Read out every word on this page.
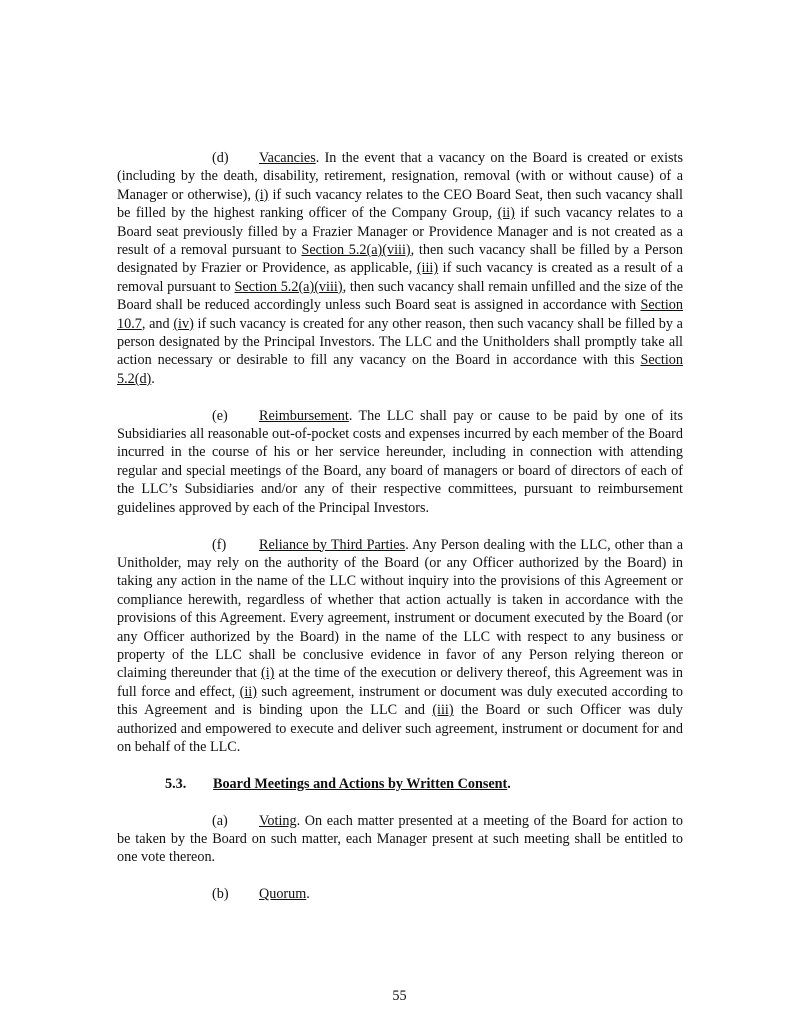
(d) Vacancies. In the event that a vacancy on the Board is created or exists (including by the death, disability, retirement, resignation, removal (with or without cause) of a Manager or otherwise), (i) if such vacancy relates to the CEO Board Seat, then such vacancy shall be filled by the highest ranking officer of the Company Group, (ii) if such vacancy relates to a Board seat previously filled by a Frazier Manager or Providence Manager and is not created as a result of a removal pursuant to Section 5.2(a)(viii), then such vacancy shall be filled by a Person designated by Frazier or Providence, as applicable, (iii) if such vacancy is created as a result of a removal pursuant to Section 5.2(a)(viii), then such vacancy shall remain unfilled and the size of the Board shall be reduced accordingly unless such Board seat is assigned in accordance with Section 10.7, and (iv) if such vacancy is created for any other reason, then such vacancy shall be filled by a person designated by the Principal Investors. The LLC and the Unitholders shall promptly take all action necessary or desirable to fill any vacancy on the Board in accordance with this Section 5.2(d).

(e) Reimbursement. The LLC shall pay or cause to be paid by one of its Subsidiaries all reasonable out-of-pocket costs and expenses incurred by each member of the Board incurred in the course of his or her service hereunder, including in connection with attending regular and special meetings of the Board, any board of managers or board of directors of each of the LLC’s Subsidiaries and/or any of their respective committees, pursuant to reimbursement guidelines approved by each of the Principal Investors.

(f) Reliance by Third Parties. Any Person dealing with the LLC, other than a Unitholder, may rely on the authority of the Board (or any Officer authorized by the Board) in taking any action in the name of the LLC without inquiry into the provisions of this Agreement or compliance herewith, regardless of whether that action actually is taken in accordance with the provisions of this Agreement. Every agreement, instrument or document executed by the Board (or any Officer authorized by the Board) in the name of the LLC with respect to any business or property of the LLC shall be conclusive evidence in favor of any Person relying thereon or claiming thereunder that (i) at the time of the execution or delivery thereof, this Agreement was in full force and effect, (ii) such agreement, instrument or document was duly executed according to this Agreement and is binding upon the LLC and (iii) the Board or such Officer was duly authorized and empowered to execute and deliver such agreement, instrument or document for and on behalf of the LLC.

5.3. Board Meetings and Actions by Written Consent.

(a) Voting. On each matter presented at a meeting of the Board for action to be taken by the Board on such matter, each Manager present at such meeting shall be entitled to one vote thereon.

(b) Quorum.

55
